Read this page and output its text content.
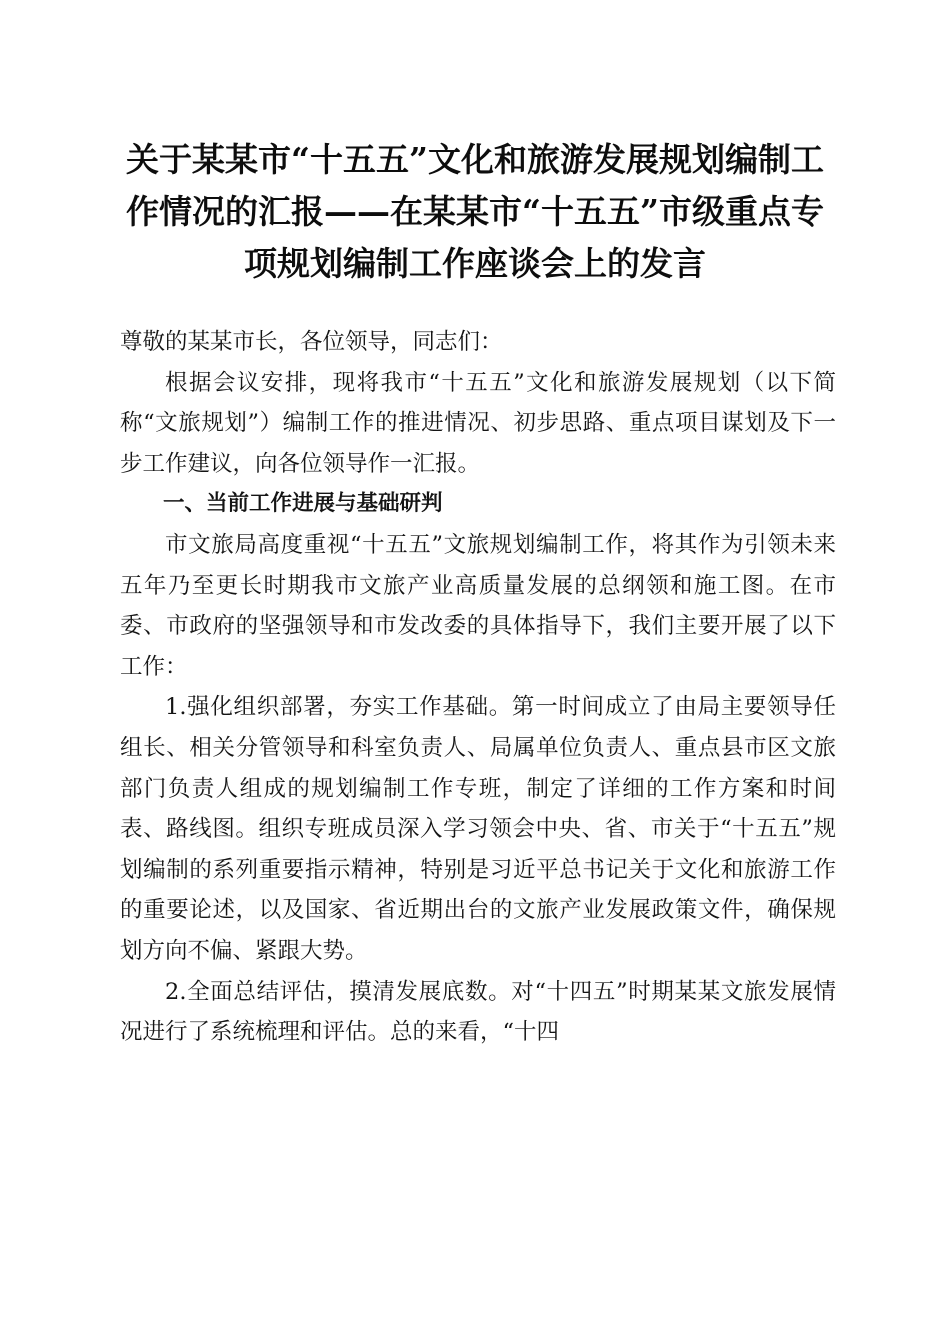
关于某某市“十五五”文化和旅游发展规划编制工作情况的汇报——在某某市“十五五”市级重点专项规划编制工作座谈会上的发言

尊敬的某某市长，各位领导，同志们：

根据会议安排，现将我市“十五五”文化和旅游发展规划（以下简称“文旅规划”）编制工作的推进情况、初步思路、重点项目谋划及下一步工作建议，向各位领导作一汇报。

一、当前工作进展与基础研判

市文旅局高度重视“十五五”文旅规划编制工作，将其作为引领未来五年乃至更长时期我市文旅产业高质量发展的总纲领和施工图。在市委、市政府的坚强领导和市发改委的具体指导下，我们主要开展了以下工作：

1.强化组织部署，夯实工作基础。第一时间成立了由局主要领导任组长、相关分管领导和科室负责人、局属单位负责人、重点县市区文旅部门负责人组成的规划编制工作专班，制定了详细的工作方案和时间表、路线图。组织专班成员深入学习领会中央、省、市关于“十五五”规划编制的系列重要指示精神，特别是习近平总书记关于文化和旅游工作的重要论述，以及国家、省近期出台的文旅产业发展政策文件，确保规划方向不偏、紧跟大势。

2.全面总结评估，摸清发展底数。对“十四五”时期某某文旅发展情况进行了系统梳理和评估。总的来看，“十四
